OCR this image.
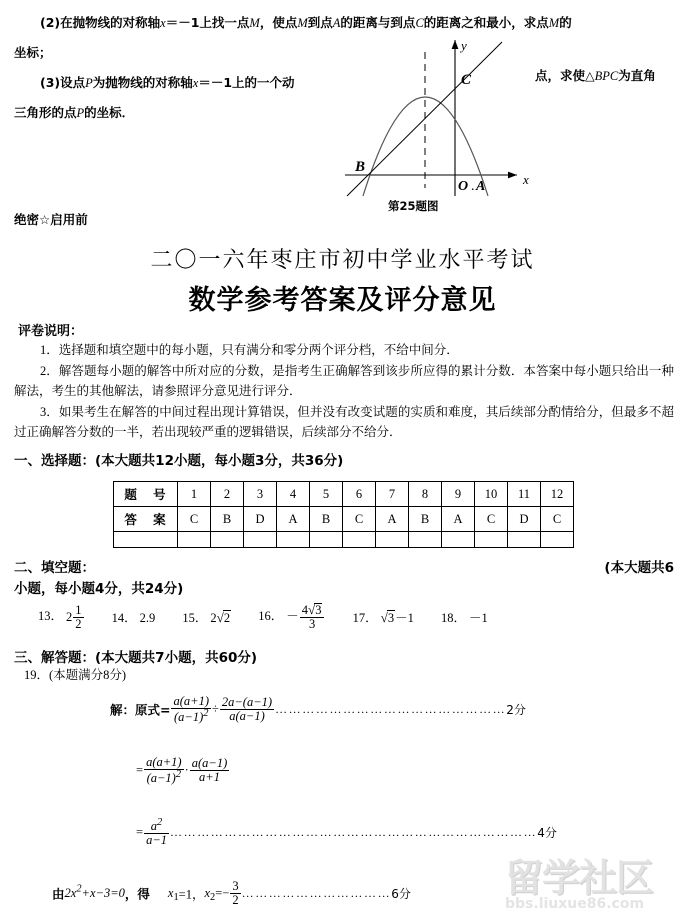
(2)在抛物线的对称轴x＝－1上找一点M，使点M到点A的距离与到点C的距离之和最小，求点M的
坐标；
(3)设点P为抛物线的对称轴x＝－1上的一个动
三角形的点P的坐标．
点，求使△BPC为直角
B
C
O . A	x
y
第25题图
绝密☆启用前
二〇一六年枣庄市初中学业水平考试
数学参考答案及评分意见
评卷说明：

1．选择题和填空题中的每小题，只有满分和零分两个评分档，不给中间分．

2．解答题每小题的解答中所对应的分数，是指考生正确解答到该步所应得的累计分数．本答案中每小题只给出一种解法，考生的其他解法，请参照评分意见进行评分．

3．如果考生在解答的中间过程出现计算错误，但并没有改变试题的实质和难度，其后续部分酌情给分，但最多不超过正确解答分数的一半，若出现较严重的逻辑错误，后续部分不给分．

一、选择题：(本大题共12小题，每小题3分，共36分)
题 号	1	2	3	4	5	6	7	8	9	10	11	12
答 案	C	B	D	A	B	C	A	B	A	C	D	C

二、填空题：	(本大题共6
小题，每小题4分，共24分)
13． $2 \frac{1}{2} 14$． 2.9 15． 2√2 16． － $\frac{4√3}{3} 17$． √3－1 18． －1
三、解答题：(本大题共7小题，共60分)
19．(本题满分8分)
解：原式= $\frac{a(a+1)}{(a-1)^2} \div \frac{2a-(a-1)}{a(a-1)}$ ……………………………………………2分
= $\frac{a(a+1)}{(a-1)^2} \cdot \frac{a(a-1)}{a+1}$
= $\frac{a^2}{a-1}$ ………………………………………………………………………4分
由$2x^2+x-3=0$，得 $x_1=1$，$x_2=- \frac{3}{2}$ ……………………………6分 留学社区
bbs.liuxue86.com
